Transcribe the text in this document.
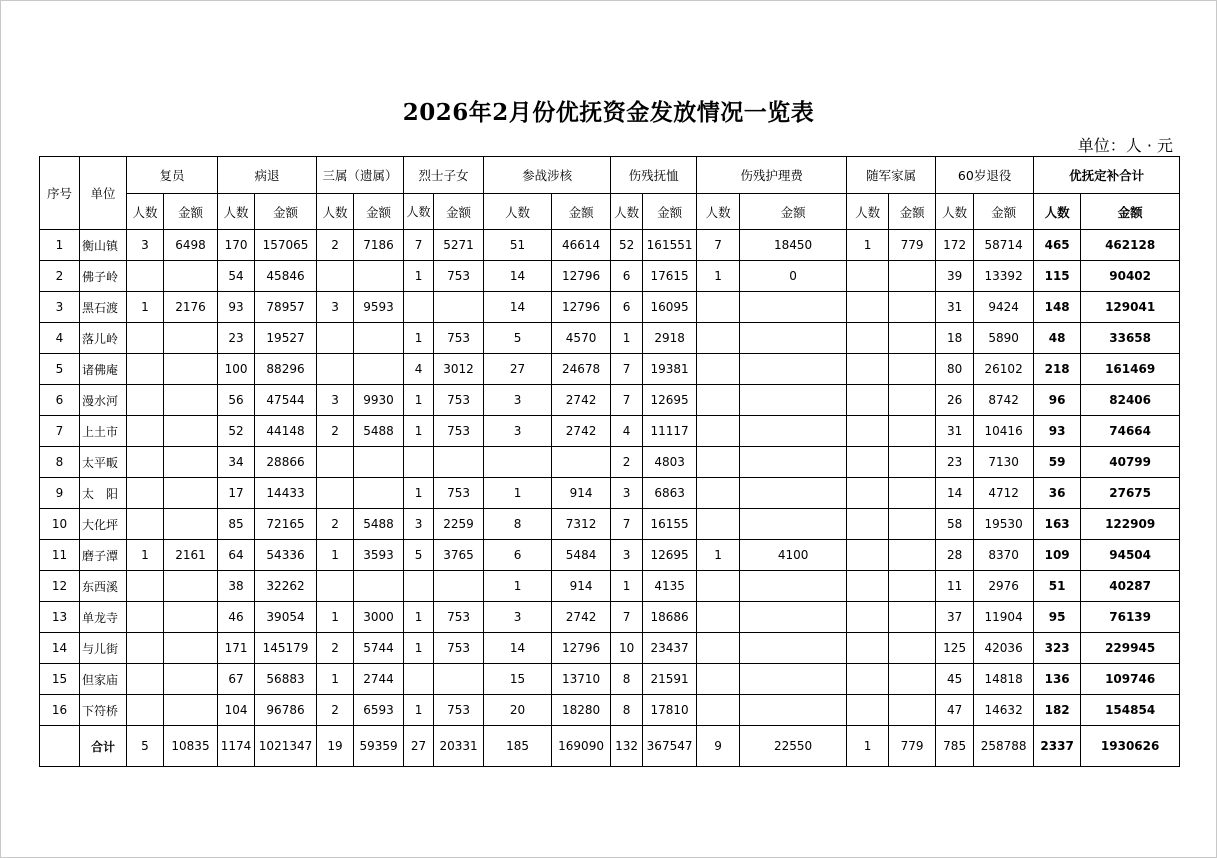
2026年2月份优抚资金发放情况一览表
单位：人 · 元
序号	单位	复员		病退		三属（遗属）		烈士子女		参战涉核		伤残抚恤		伤残护理费		随军家属		60岁退役		优抚定补合计	
		人数	金额	人数	金额	人数	金额	人数	金额	人数	金额	人数	金额	人数	金额	人数	金额	人数	金额	人数	金额
1	衡山镇	3	6498	170	157065	2	7186	7	5271	51	46614	52	161551	7	18450	1	779	172	58714	465	462128
2	佛子岭			54	45846			1	753	14	12796	6	17615	1	0			39	13392	115	90402
3	黑石渡	1	2176	93	78957	3	9593			14	12796	6	16095					31	9424	148	129041
4	落儿岭			23	19527			1	753	5	4570	1	2918					18	5890	48	33658
5	诸佛庵			100	88296			4	3012	27	24678	7	19381					80	26102	218	161469
6	漫水河			56	47544	3	9930	1	753	3	2742	7	12695					26	8742	96	82406
7	上土市			52	44148	2	5488	1	753	3	2742	4	11117					31	10416	93	74664
8	太平畈			34	28866							2	4803					23	7130	59	40799
9	太　阳			17	14433			1	753	1	914	3	6863					14	4712	36	27675
10	大化坪			85	72165	2	5488	3	2259	8	7312	7	16155					58	19530	163	122909
11	磨子潭	1	2161	64	54336	1	3593	5	3765	6	5484	3	12695	1	4100			28	8370	109	94504
12	东西溪			38	32262					1	914	1	4135					11	2976	51	40287
13	单龙寺			46	39054	1	3000	1	753	3	2742	7	18686					37	11904	95	76139
14	与儿街			171	145179	2	5744	1	753	14	12796	10	23437					125	42036	323	229945
15	但家庙			67	56883	1	2744			15	13710	8	21591					45	14818	136	109746
16	下符桥			104	96786	2	6593	1	753	20	18280	8	17810					47	14632	182	154854
	合计	5	10835	1174	1021347	19	59359	27	20331	185	169090	132	367547	9	22550	1	779	785	258788	2337	1930626
